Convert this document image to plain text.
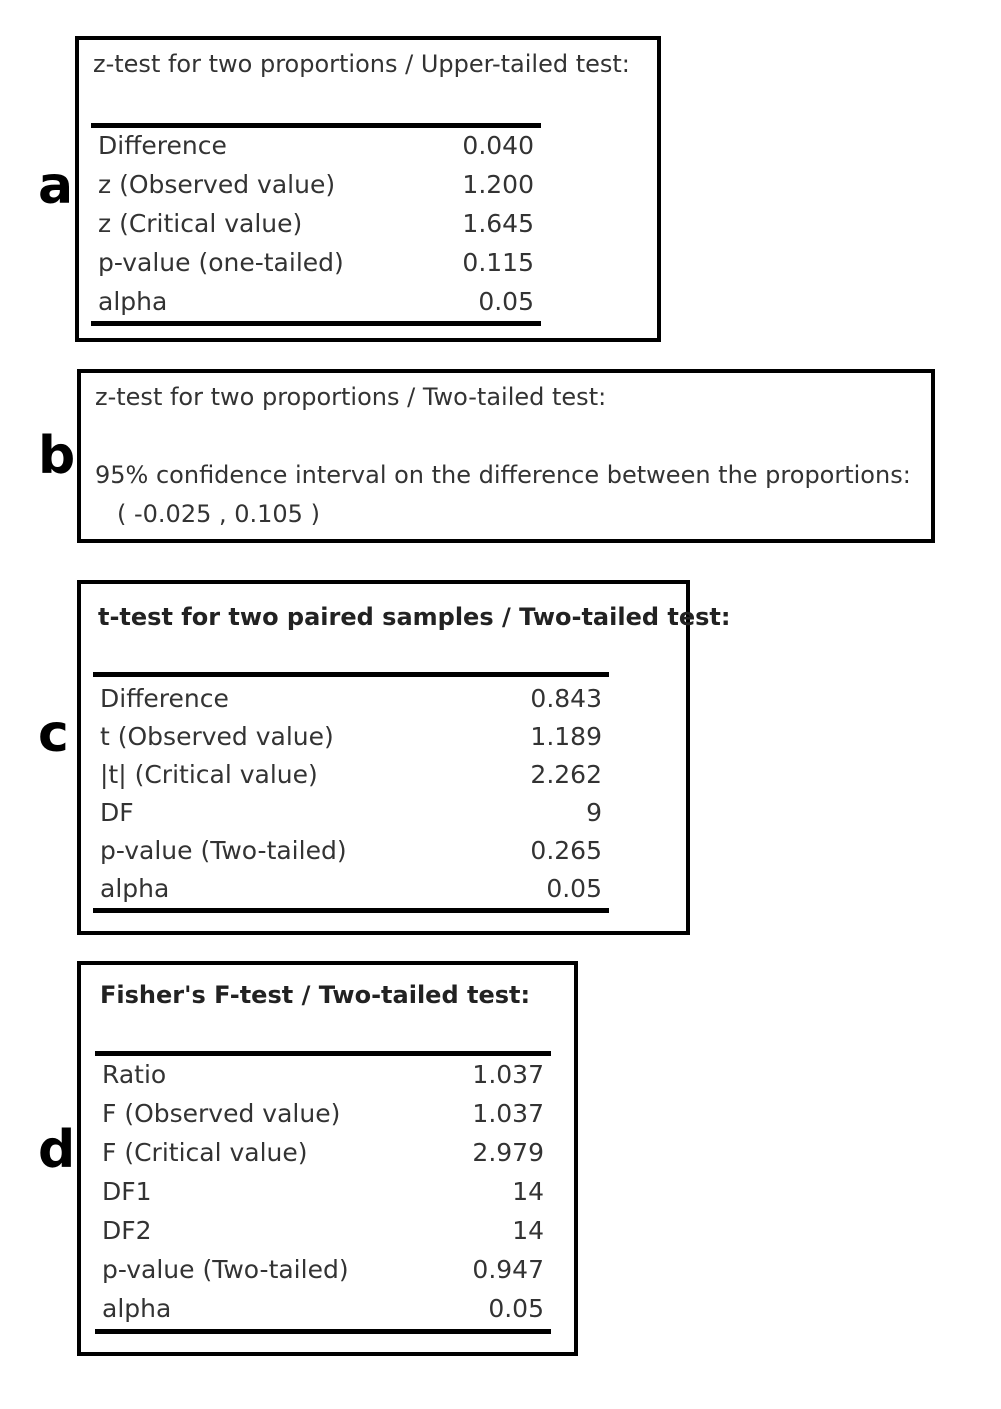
a
z-test for two proportions / Upper-tailed test:
Difference	0.040
z (Observed value)	1.200
z (Critical value)	1.645
p-value (one-tailed)	0.115
alpha	0.05
b
z-test for two proportions / Two-tailed test:
95% confidence interval on the difference between the proportions:
( -0.025 , 0.105 )
c
t-test for two paired samples / Two-tailed test:
Difference	0.843
t (Observed value)	1.189
|t| (Critical value)	2.262
DF	9
p-value (Two-tailed)	0.265
alpha	0.05
d
Fisher's F-test / Two-tailed test:
Ratio	1.037
F (Observed value)	1.037
F (Critical value)	2.979
DF1	14
DF2	14
p-value (Two-tailed)	0.947
alpha	0.05
